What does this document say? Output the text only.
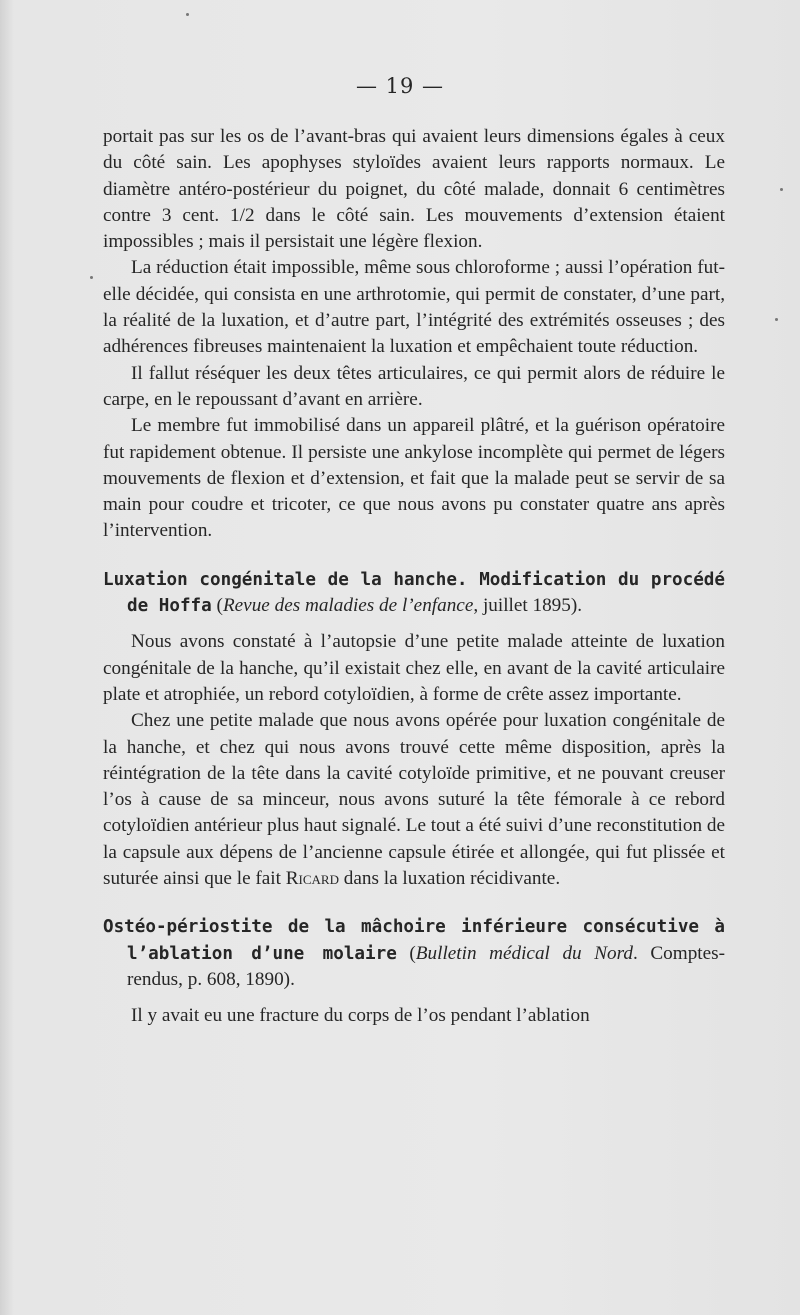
— 19 —

portait pas sur les os de l’avant-bras qui avaient leurs dimensions égales à ceux du côté sain. Les apophyses styloïdes avaient leurs rapports normaux. Le diamètre antéro-postérieur du poignet, du côté malade, donnait 6 centimètres contre 3 cent. 1/2 dans le côté sain. Les mouvements d’extension étaient impossibles ; mais il persistait une légère flexion.

La réduction était impossible, même sous chloroforme ; aussi l’opération fut-elle décidée, qui consista en une arthrotomie, qui permit de constater, d’une part, la réalité de la luxation, et d’autre part, l’intégrité des extrémités osseuses ; des adhérences fibreuses maintenaient la luxation et empêchaient toute réduction.

Il fallut réséquer les deux têtes articulaires, ce qui permit alors de réduire le carpe, en le repoussant d’avant en arrière.

Le membre fut immobilisé dans un appareil plâtré, et la guérison opératoire fut rapidement obtenue. Il persiste une ankylose incomplète qui permet de légers mouvements de flexion et d’extension, et fait que la malade peut se servir de sa main pour coudre et tricoter, ce que nous avons pu constater quatre ans après l’intervention.

Luxation congénitale de la hanche. Modification du procédé de Hoffa (Revue des maladies de l’enfance, juillet 1895).

Nous avons constaté à l’autopsie d’une petite malade atteinte de luxation congénitale de la hanche, qu’il existait chez elle, en avant de la cavité articulaire plate et atrophiée, un rebord cotyloïdien, à forme de crête assez importante.

Chez une petite malade que nous avons opérée pour luxation congénitale de la hanche, et chez qui nous avons trouvé cette même disposition, après la réintégration de la tête dans la cavité cotyloïde primitive, et ne pouvant creuser l’os à cause de sa minceur, nous avons suturé la tête fémorale à ce rebord cotyloïdien antérieur plus haut signalé. Le tout a été suivi d’une reconstitution de la capsule aux dépens de l’ancienne capsule étirée et allongée, qui fut plissée et suturée ainsi que le fait Ricard dans la luxation récidivante.

Ostéo-périostite de la mâchoire inférieure consécutive à l’ablation d’une molaire (Bulletin médical du Nord. Comptes-rendus, p. 608, 1890).

Il y avait eu une fracture du corps de l’os pendant l’ablation
